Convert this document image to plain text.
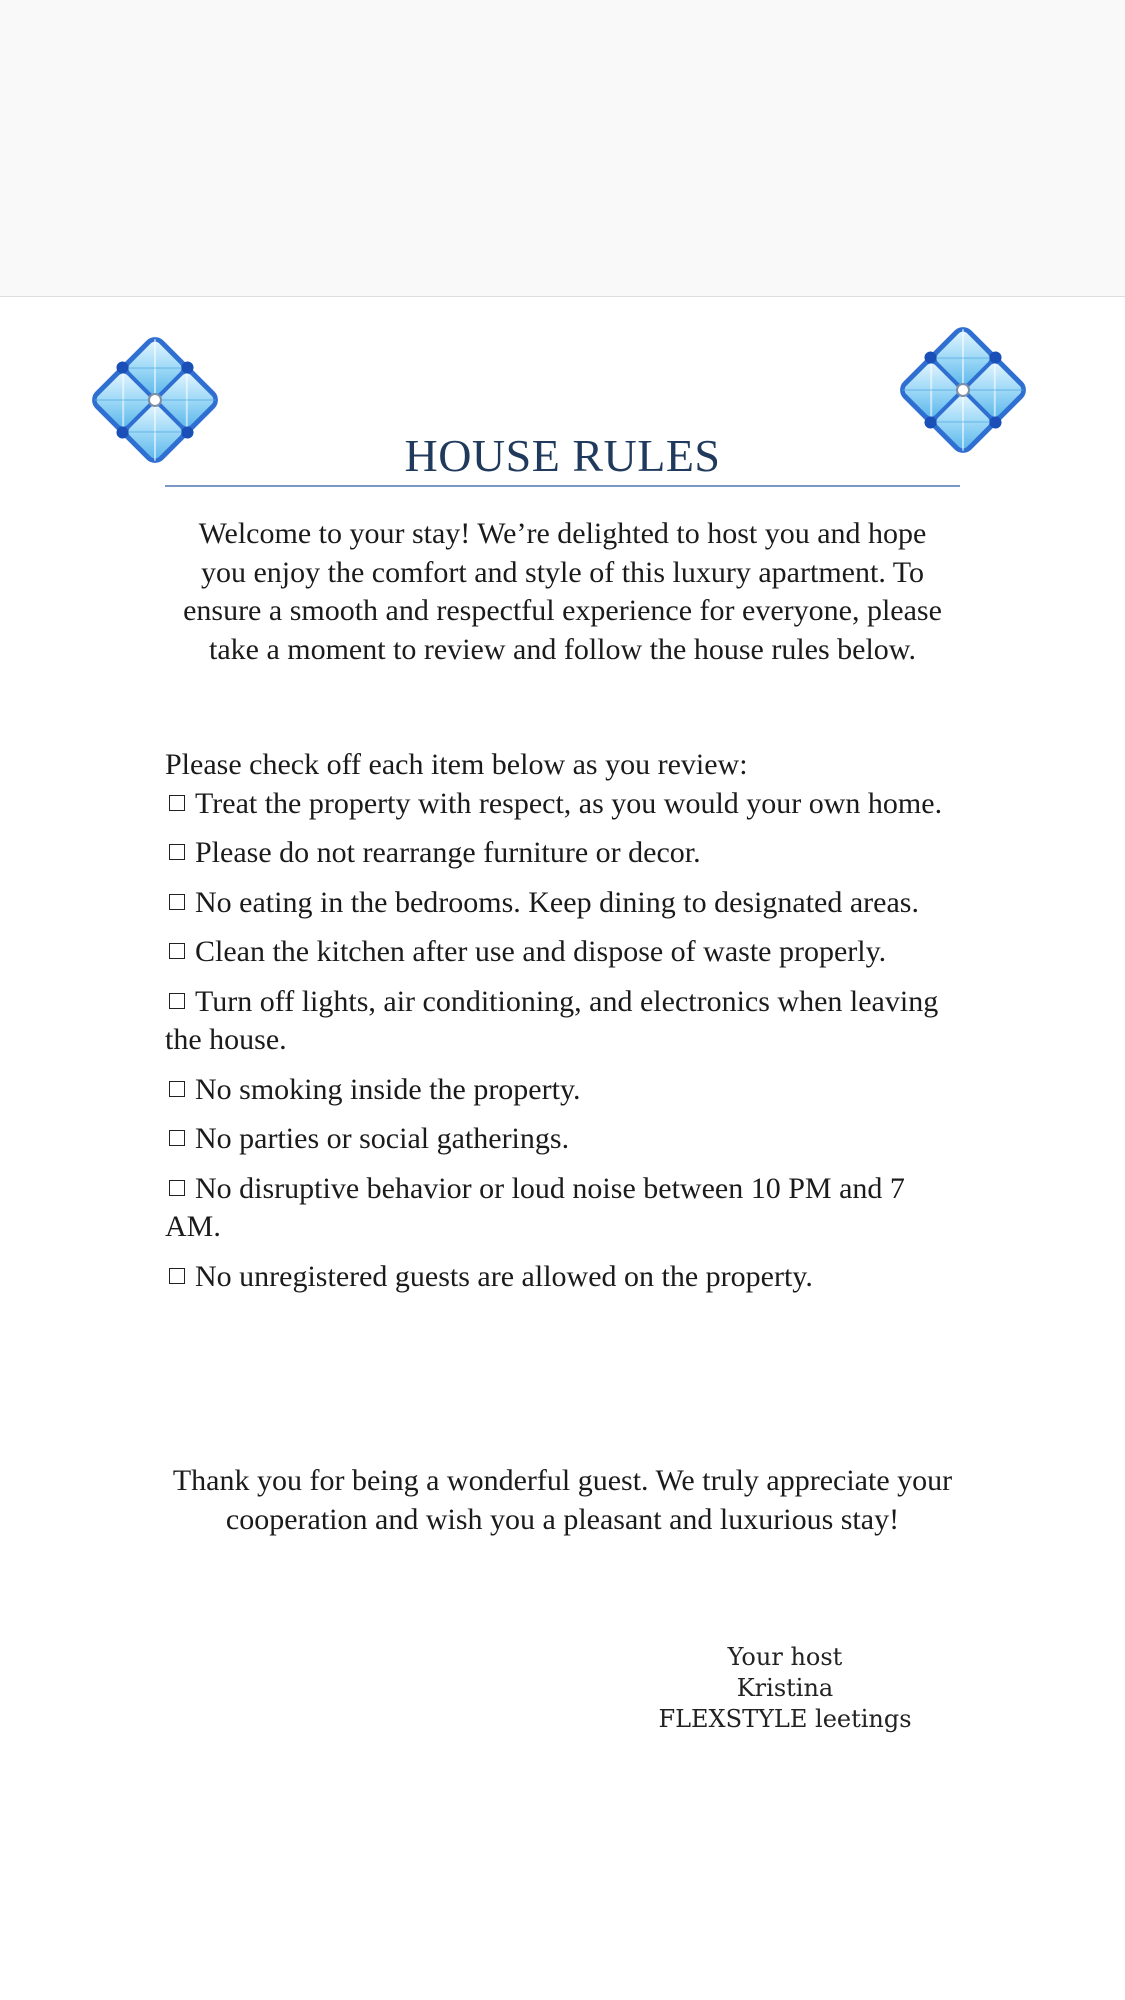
HOUSE RULES
Welcome to your stay! We’re delighted to host you and hope you enjoy the comfort and style of this luxury apartment. To ensure a smooth and respectful experience for everyone, please take a moment to review and follow the house rules below.

Please check off each item below as you review:

Treat the property with respect, as you would your own home.

Please do not rearrange furniture or decor.

No eating in the bedrooms. Keep dining to designated areas.

Clean the kitchen after use and dispose of waste properly.

Turn off lights, air conditioning, and electronics when leaving the house.

No smoking inside the property.

No parties or social gatherings.

No disruptive behavior or loud noise between 10 PM and 7 AM.

No unregistered guests are allowed on the property.

Thank you for being a wonderful guest. We truly appreciate your cooperation and wish you a pleasant and luxurious stay!
Your host
Kristina
FLEXSTYLE leetings
